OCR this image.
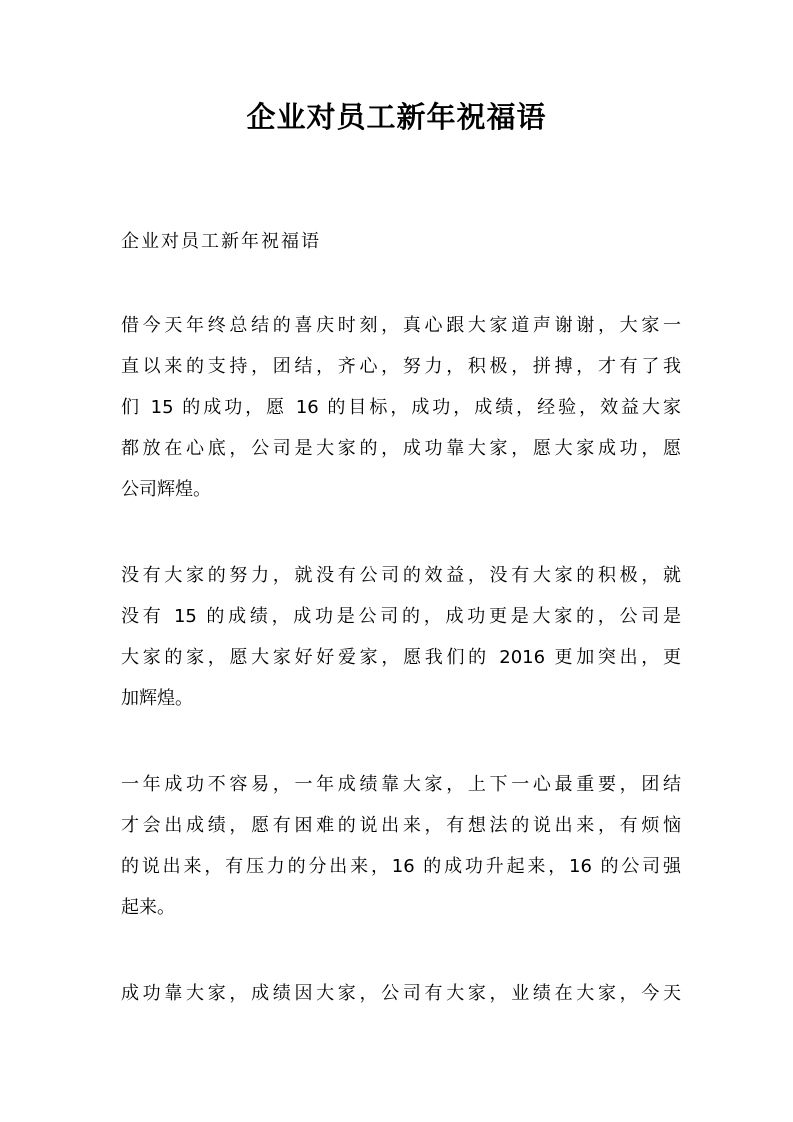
企业对员工新年祝福语

企业对员工新年祝福语

借今天年终总结的喜庆时刻，真心跟大家道声谢谢，大家一
直以来的支持，团结，齐心，努力，积极，拼搏，才有了我
们 15 的成功，愿 16 的目标，成功，成绩，经验，效益大家
都放在心底，公司是大家的，成功靠大家，愿大家成功，愿
公司辉煌。
没有大家的努力，就没有公司的效益，没有大家的积极，就
没有 15 的成绩，成功是公司的，成功更是大家的，公司是
大家的家，愿大家好好爱家，愿我们的 2016 更加突出，更
加辉煌。
一年成功不容易，一年成绩靠大家，上下一心最重要，团结
才会出成绩，愿有困难的说出来，有想法的说出来，有烦恼
的说出来，有压力的分出来，16 的成功升起来，16 的公司强
起来。
成功靠大家，成绩因大家，公司有大家，业绩在大家，今天
